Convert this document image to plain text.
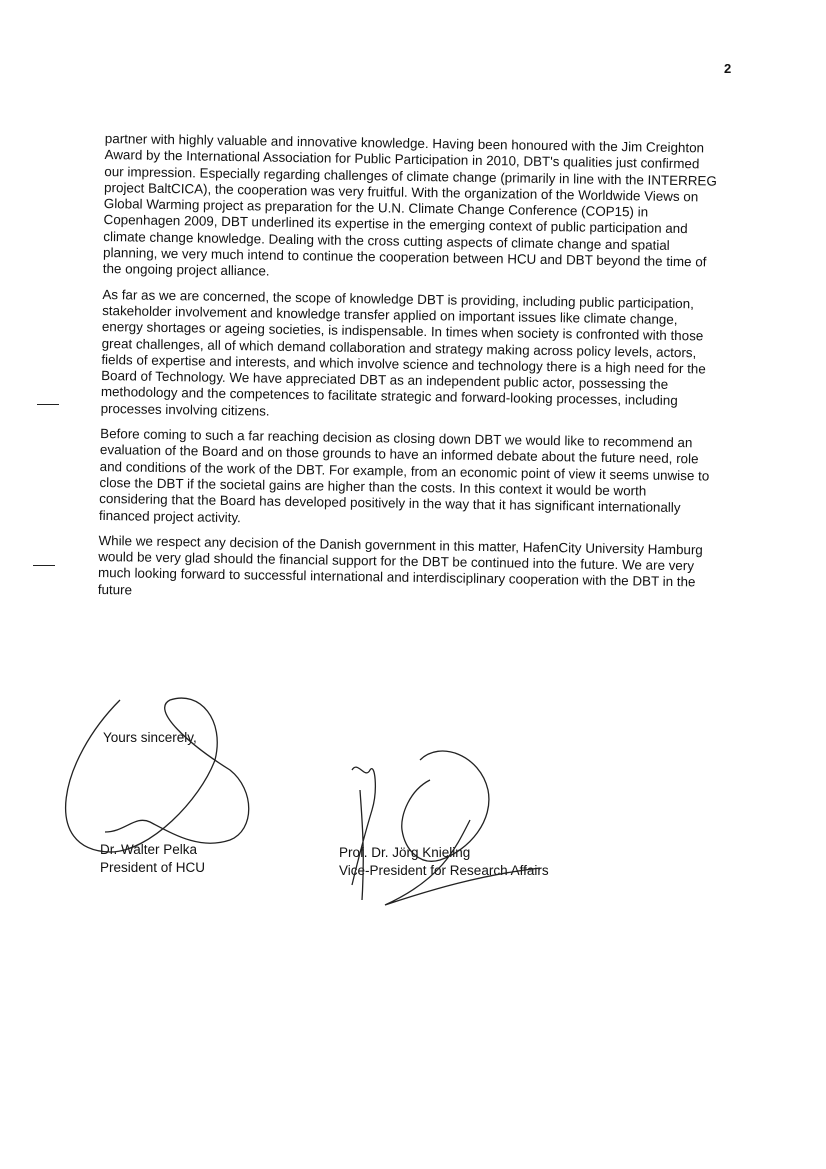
2

partner with highly valuable and innovative knowledge. Having been honoured with the Jim Creighton Award by the International Association for Public Participation in 2010, DBT's qualities just confirmed our impression. Especially regarding challenges of climate change (primarily in line with the INTERREG project BaltCICA), the cooperation was very fruitful. With the organization of the Worldwide Views on Global Warming project as preparation for the U.N. Climate Change Conference (COP15) in Copenhagen 2009, DBT underlined its expertise in the emerging context of public participation and climate change knowledge. Dealing with the cross cutting aspects of climate change and spatial planning, we very much intend to continue the cooperation between HCU and DBT beyond the time of the ongoing project alliance.

As far as we are concerned, the scope of knowledge DBT is providing, including public participation, stakeholder involvement and knowledge transfer applied on important issues like climate change, energy shortages or ageing societies, is indispensable. In times when society is confronted with those great challenges, all of which demand collaboration and strategy making across policy levels, actors, fields of expertise and interests, and which involve science and technology there is a high need for the Board of Technology. We have appreciated DBT as an independent public actor, possessing the methodology and the competences to facilitate strategic and forward-looking processes, including processes involving citizens.

Before coming to such a far reaching decision as closing down DBT we would like to recommend an evaluation of the Board and on those grounds to have an informed debate about the future need, role and conditions of the work of the DBT. For example, from an economic point of view it seems unwise to close the DBT if the societal gains are higher than the costs. In this context it would be worth considering that the Board has developed positively in the way that it has significant internationally financed project activity.

While we respect any decision of the Danish government in this matter, HafenCity University Hamburg would be very glad should the financial support for the DBT be continued into the future. We are very much looking forward to successful international and interdisciplinary cooperation with the DBT in the future

Yours sincerely,
Dr. Walter Pelka
President of HCU
Prof. Dr. Jörg Knieling
Vice-President for Research Affairs
